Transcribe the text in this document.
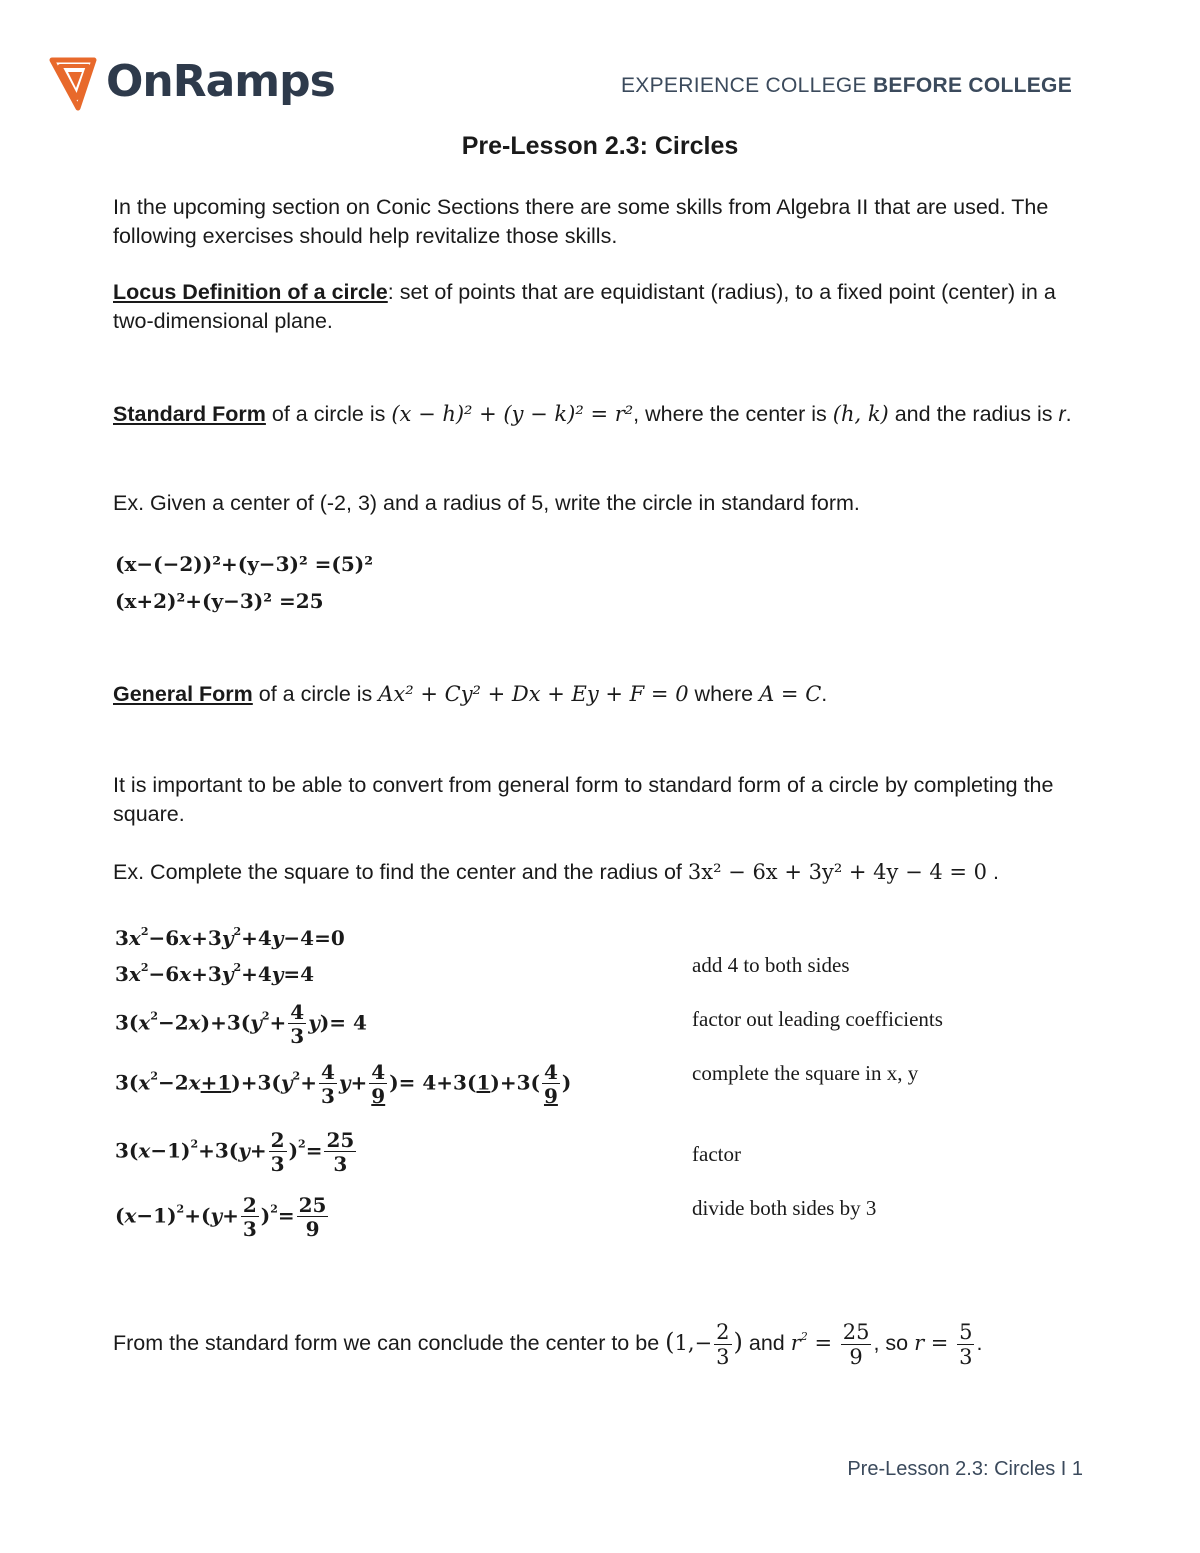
OnRamps	EXPERIENCE COLLEGE BEFORE COLLEGE
Pre-Lesson 2.3: Circles
In the upcoming section on Conic Sections there are some skills from Algebra II that are used. The following exercises should help revitalize those skills.
Locus Definition of a circle: set of points that are equidistant (radius), to a fixed point (center) in a two-dimensional plane.
Standard Form of a circle is (x − h)² + (y − k)² = r², where the center is (h, k) and the radius is r.
Ex. Given a center of (-2, 3) and a radius of 5, write the circle in standard form.
(x−(−2))²+(y−3)² =(5)²
(x+2)²+(y−3)² =25
General Form of a circle is Ax² + Cy² + Dx + Ey + F = 0 where A = C.
It is important to be able to convert from general form to standard form of a circle by completing the square.
Ex. Complete the square to find the center and the radius of 3x² − 6x + 3y² + 4y − 4 = 0 .
$3x^2-6x+3y^2+4y-4=0$
$3x^2-6x+3y^2+4y=4$
$3(x^2-2x)+3(y^2+ \frac{4}{3} y)= 4$
$3(x^2-2x+1)+3(y^2+ \frac{4}{3} y+ \frac{4}{9}$ )= $4+3(1)+3( \frac{4}{9}$ )
$3(x-1)^2+3(y+ \frac{2}{3} )^2= \frac{25}{3}$
$(x-1)^2+(y+ \frac{2}{3} )^2= \frac{25}{9}$
add 4 to both sides
factor out leading coefficients
complete the square in x, y
factor
divide both sides by 3
From the standard form we can conclude the center to be ($1,- \frac{2}{3}$ ) and $r^2 = \frac{25}{9}$ , so $r = \frac{5}{3}$ .
Pre-Lesson 2.3: Circles I 1
